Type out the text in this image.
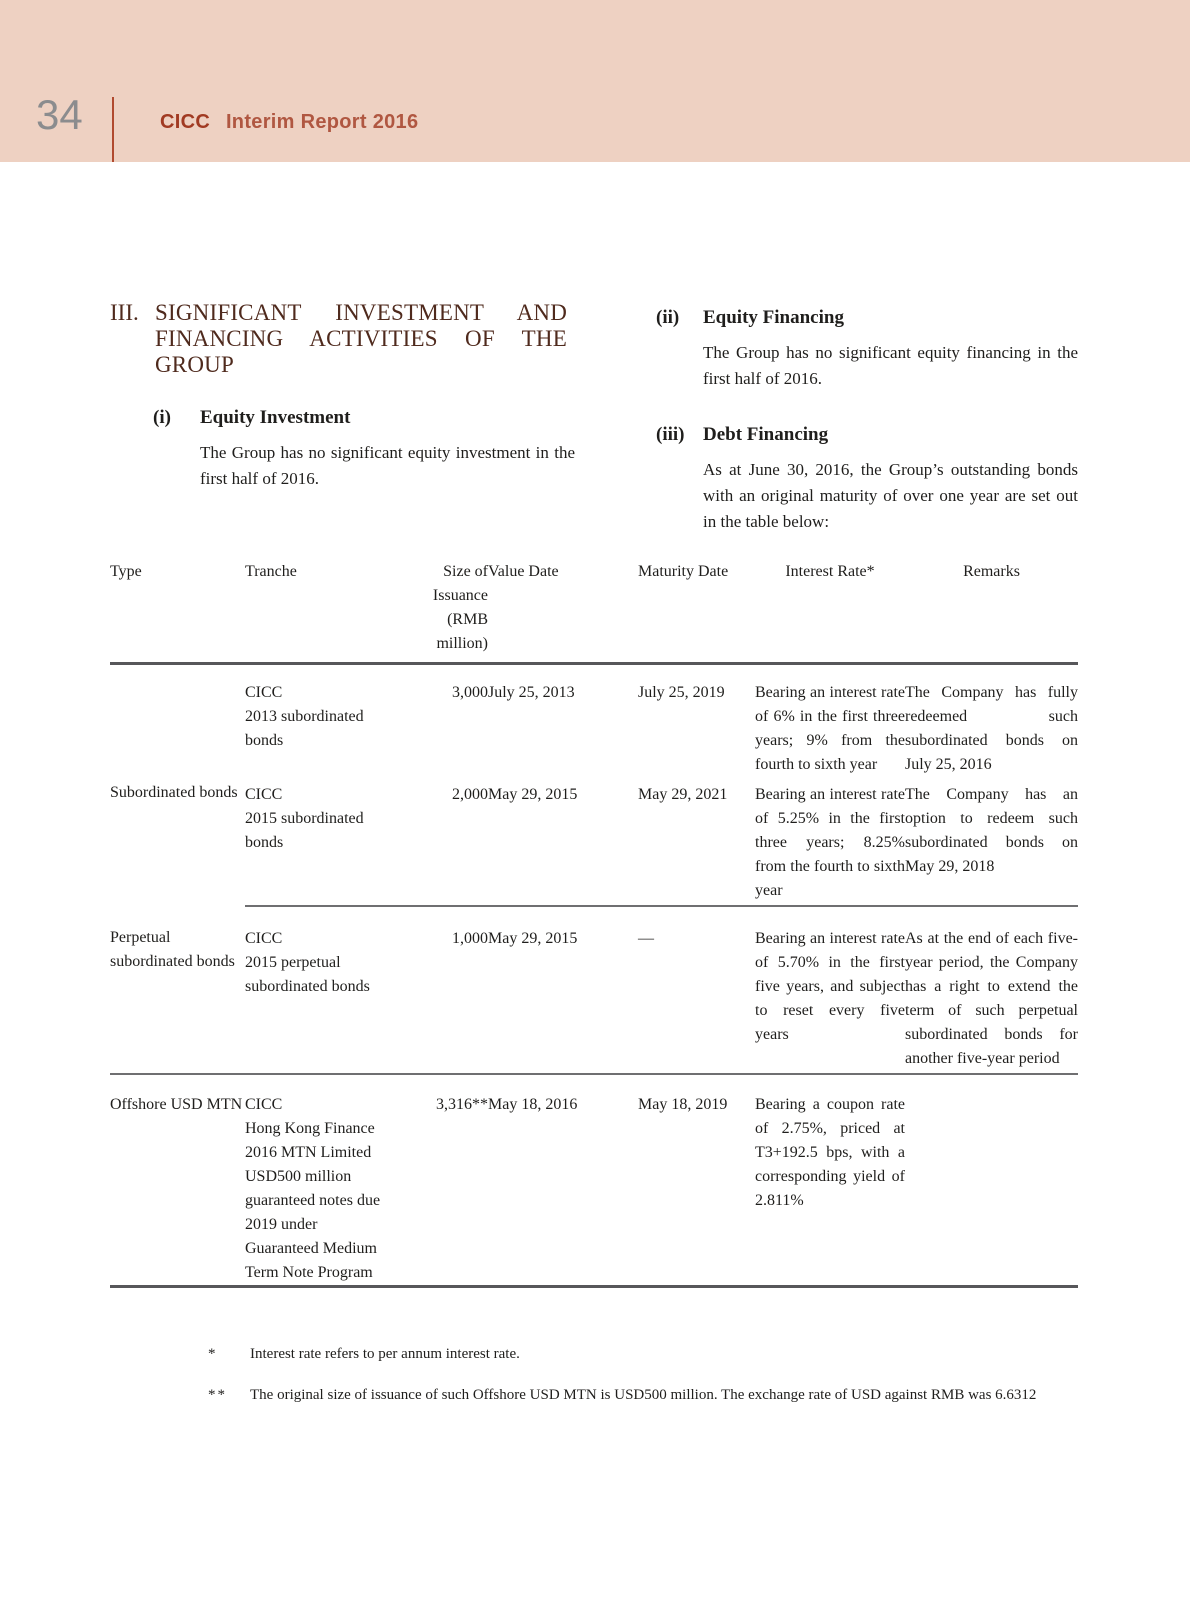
34	CICC Interim Report 2016
III. SIGNIFICANT INVESTMENT AND FINANCING ACTIVITIES OF THE GROUP
(i)	Equity Investment

The Group has no significant equity investment in the first half of 2016.

(ii)	Equity Financing

The Group has no significant equity financing in the first half of 2016.

(iii) Debt Financing

As at June 30, 2016, the Group’s outstanding bonds with an original maturity of over one year are set out in the table below:

Type	Tranche	Size of Issuance
(RMB
million)	Value Date	Maturity Date	Interest Rate*	Remarks
Subordinated bonds	CICC
2013 subordinated bonds	3,000	July 25, 2013	July 25, 2019	Bearing an interest rate of 6% in the first three years; 9% from the fourth to sixth year	The Company has fully redeemed such subordinated bonds on July 25, 2016

	CICC
2015 subordinated bonds	2,000	May 29, 2015	May 29, 2021	Bearing an interest rate of 5.25% in the first three years; 8.25% from the fourth to sixth year	The Company has an option to redeem such subordinated bonds on May 29, 2018
Perpetual subordinated bonds	CICC
2015 perpetual subordinated bonds	1,000	May 29, 2015	—	Bearing an interest rate of 5.70% in the first five years, and subject to reset every five years	As at the end of each five-year period, the Company has a right to extend the term of such perpetual subordinated bonds for another five-year period
Offshore USD MTN	CICC
Hong Kong Finance 2016 MTN Limited USD500 million guaranteed notes due 2019 under Guaranteed Medium Term Note Program	3,316**	May 18, 2016	May 18, 2019	Bearing a coupon rate of 2.75%, priced at T3+192.5 bps, with a corresponding yield of 2.811%	
* Interest rate refers to per annum interest rate.
** The original size of issuance of such Offshore USD MTN is USD500 million. The exchange rate of USD against RMB was 6.6312
